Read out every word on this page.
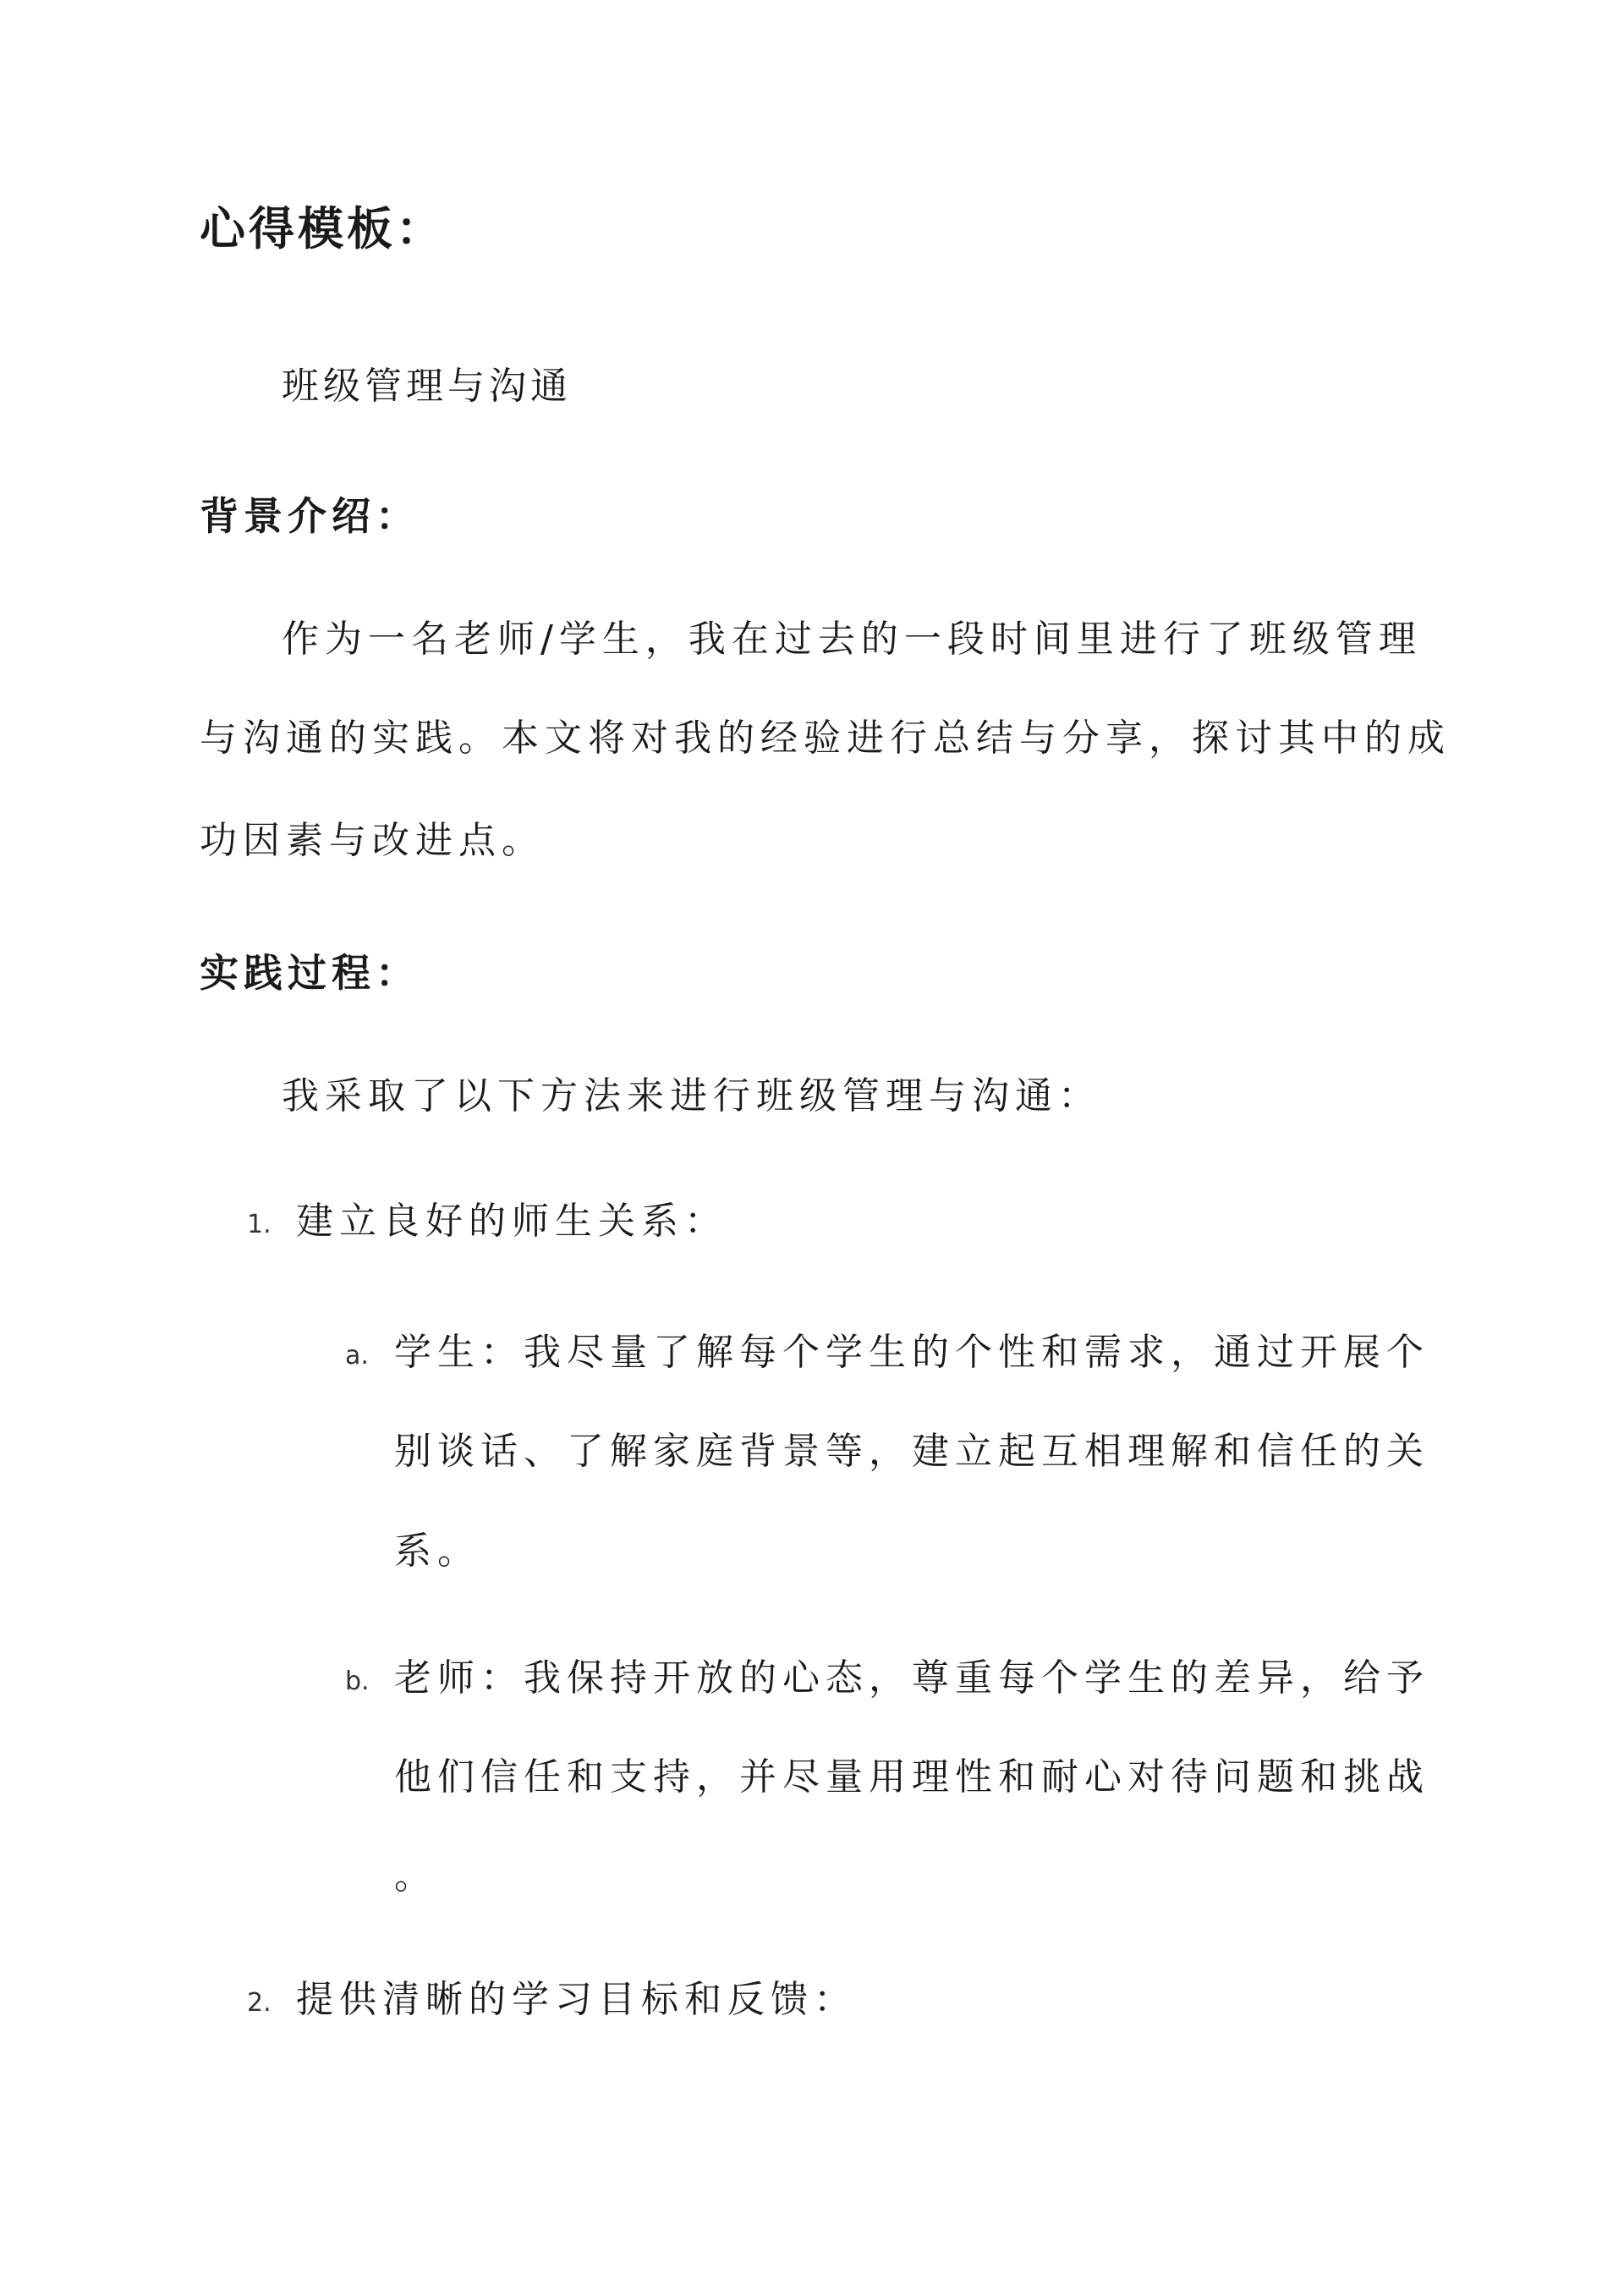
心得模板：
班级管理与沟通
背景介绍：
作为一名老师/学生，我在过去的一段时间里进行了班级管理
与沟通的实践。本文将对我的经验进行总结与分享，探讨其中的成
功因素与改进点。
实践过程：
我采取了以下方法来进行班级管理与沟通：
1. 建立良好的师生关系：
a. 学生：我尽量了解每个学生的个性和需求，通过开展个
别谈话、了解家庭背景等，建立起互相理解和信任的关
系。
b. 老师：我保持开放的心态，尊重每个学生的差异，给予
他们信任和支持，并尽量用理性和耐心对待问题和挑战
。
2. 提供清晰的学习目标和反馈：
